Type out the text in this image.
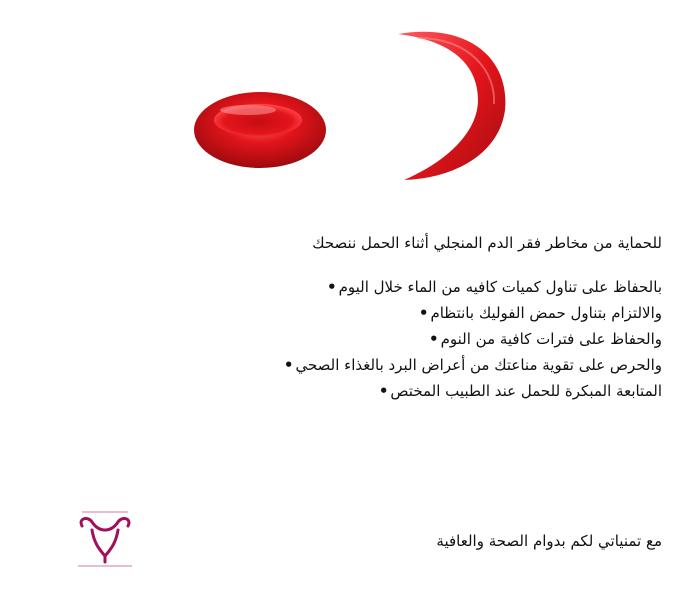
للحماية من مخاطر فقر الدم المنجلي أثناء الحمل ننصحك

بالحفاظ على تناول كميات كافيه من الماء خلال اليوم•
والالتزام بتناول حمض الفوليك بانتظام•
والحفاظ على فترات كافية من النوم•
والحرص على تقوية مناعتك من أعراض البرد بالغذاء الصحي•
المتابعة المبكرة للحمل عند الطبيب المختص•
مع تمنياتي لكم بدوام الصحة والعافية
